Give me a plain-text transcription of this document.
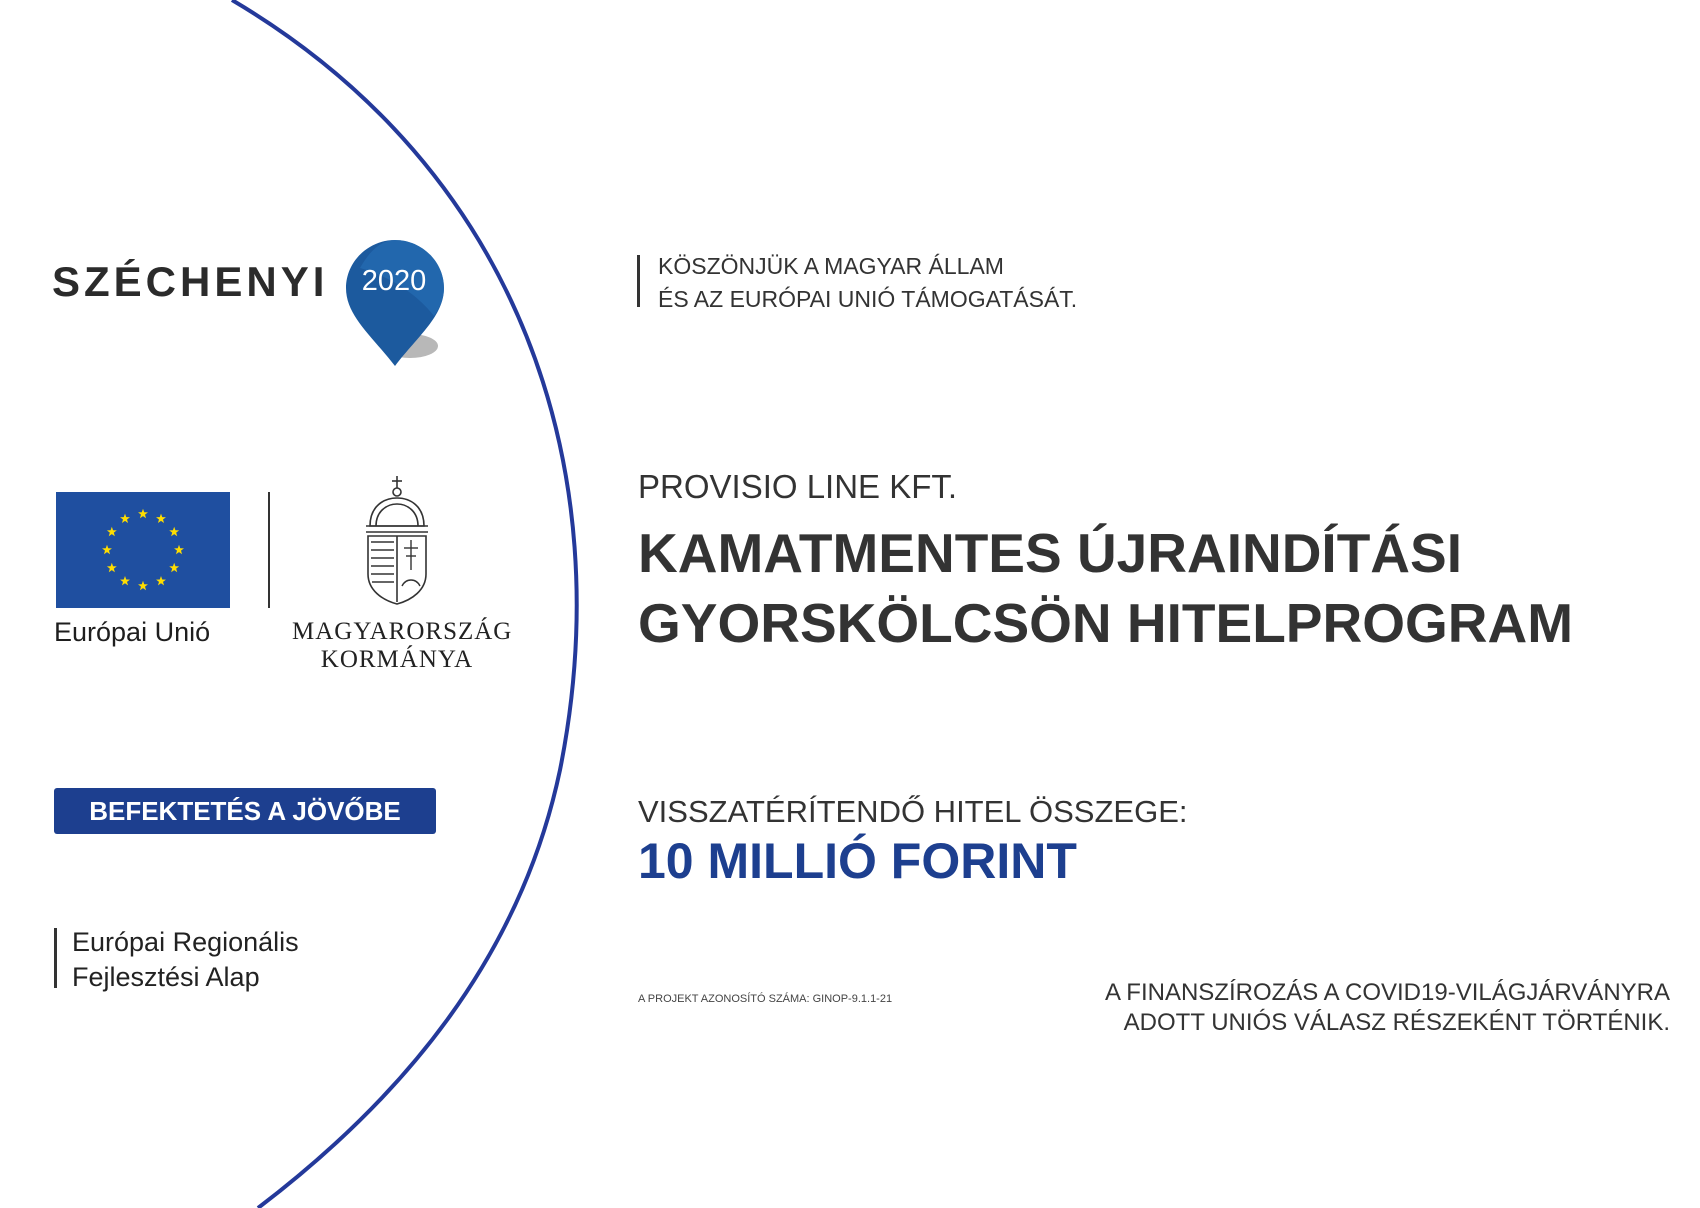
SZÉCHENYI	2020	KÖSZÖNJÜK A MAGYAR ÁLLAM
ÉS AZ EURÓPAI UNIÓ TÁMOGATÁSÁT.
Európai Unió	MAGYARORSZÁG
KORMÁNYA
BEFEKTETÉS A JÖVŐBE
Európai Regionális
Fejlesztési Alap
PROVISIO LINE KFT.
KAMATMENTES ÚJRAINDÍTÁSI
GYORSKÖLCSÖN HITELPROGRAM
VISSZATÉRÍTENDŐ HITEL ÖSSZEGE:
10 MILLIÓ FORINT
A PROJEKT AZONOSÍTÓ SZÁMA: GINOP-9.1.1-21	A FINANSZÍROZÁS A COVID19-VILÁGJÁRVÁNYRA
ADOTT UNIÓS VÁLASZ RÉSZEKÉNT TÖRTÉNIK.
